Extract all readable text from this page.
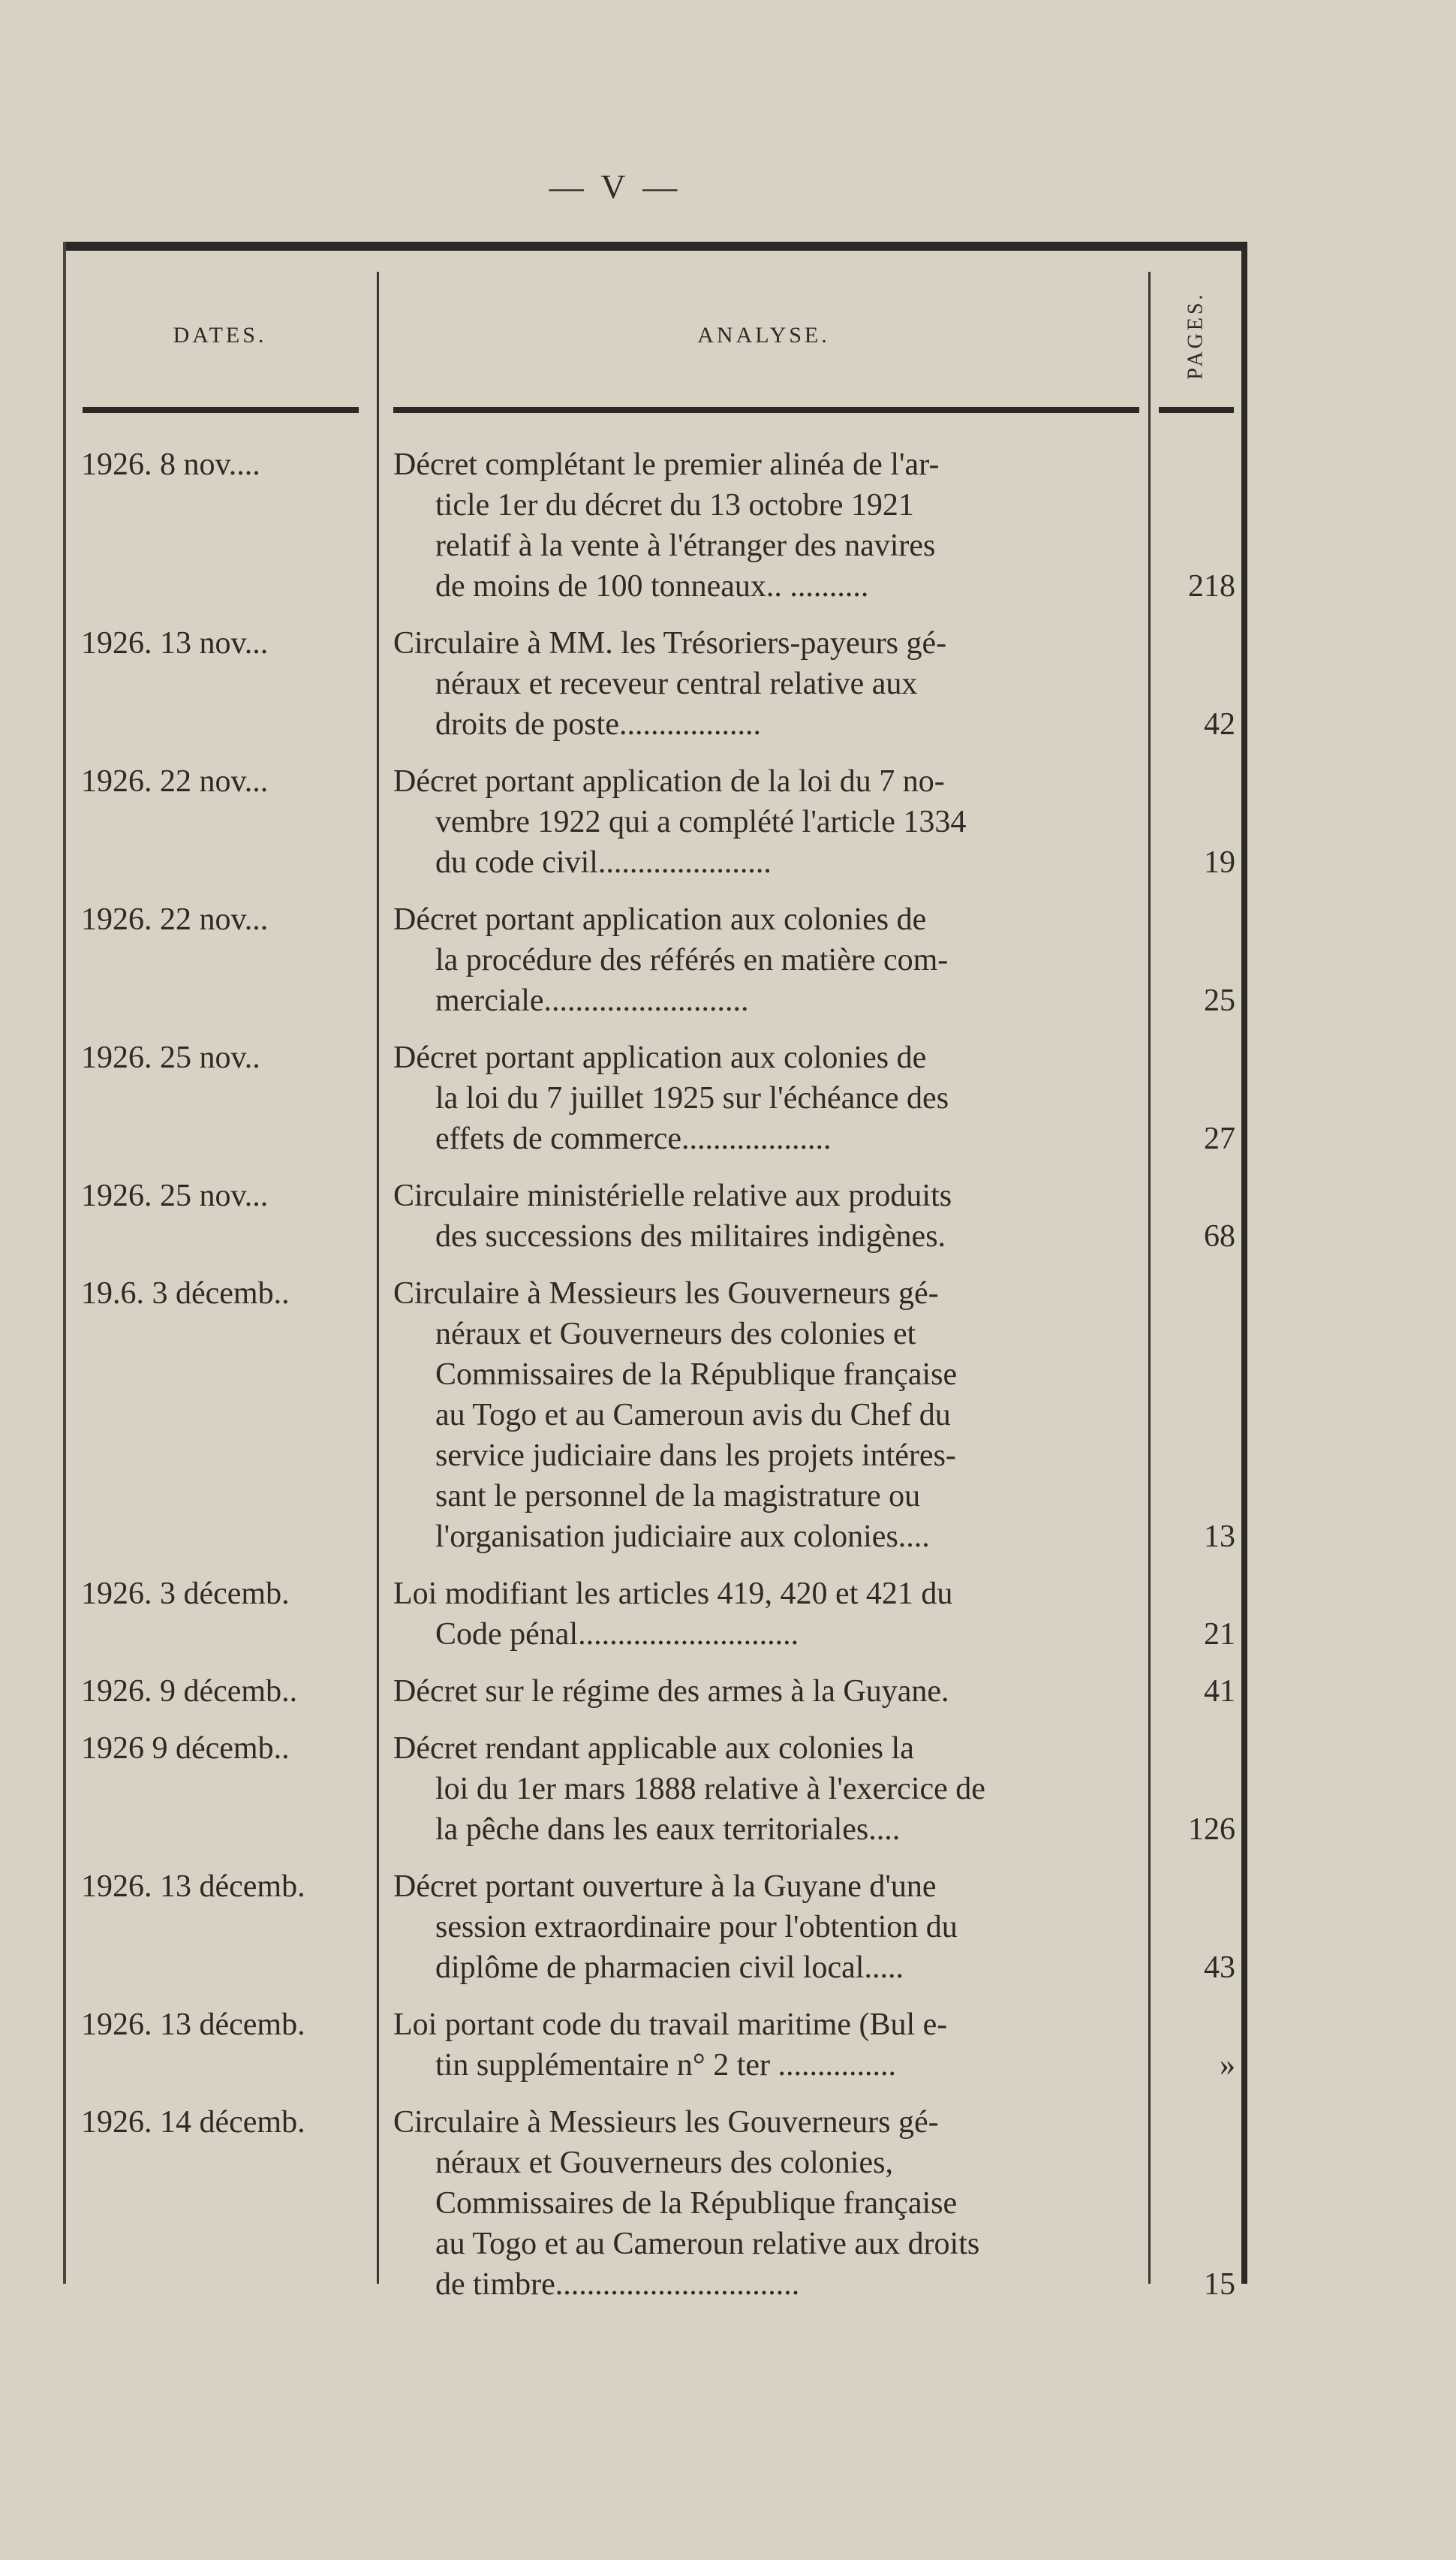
— V —
DATES.	ANALYSE.	PAGES.
1926. 8 nov....	Décret complétant le premier alinéa de l'ar-
ticle 1er du décret du 13 octobre 1921
relatif à la vente à l'étranger des navires
de moins de 100 tonneaux.. ..........	218
1926. 13 nov...	Circulaire à MM. les Trésoriers-payeurs gé-
néraux et receveur central relative aux
droits de poste..................	42
1926. 22 nov...	Décret portant application de la loi du 7 no-
vembre 1922 qui a complété l'article 1334
du code civil......................	19
1926. 22 nov...	Décret portant application aux colonies de
la procédure des référés en matière com-
merciale..........................	25
1926. 25 nov..	Décret portant application aux colonies de
la loi du 7 juillet 1925 sur l'échéance des
effets de commerce...................	27
1926. 25 nov...	Circulaire ministérielle relative aux produits
des successions des militaires indigènes.	68
19.6. 3 décemb..	Circulaire à Messieurs les Gouverneurs gé-
néraux et Gouverneurs des colonies et
Commissaires de la République française
au Togo et au Cameroun avis du Chef du
service judiciaire dans les projets intéres-
sant le personnel de la magistrature ou
l'organisation judiciaire aux colonies....	13
1926. 3 décemb.	Loi modifiant les articles 419, 420 et 421 du
Code pénal............................	21
1926. 9 décemb..	Décret sur le régime des armes à la Guyane.	41
1926 9 décemb..	Décret rendant applicable aux colonies la
loi du 1er mars 1888 relative à l'exercice de
la pêche dans les eaux territoriales....	126
1926. 13 décemb.	Décret portant ouverture à la Guyane d'une
session extraordinaire pour l'obtention du
diplôme de pharmacien civil local.....	43
1926. 13 décemb.	Loi portant code du travail maritime (Bul e-
tin supplémentaire n° 2 ter ...............	»
1926. 14 décemb.	Circulaire à Messieurs les Gouverneurs gé-
néraux et Gouverneurs des colonies,
Commissaires de la République française
au Togo et au Cameroun relative aux droits
de timbre...............................	15
